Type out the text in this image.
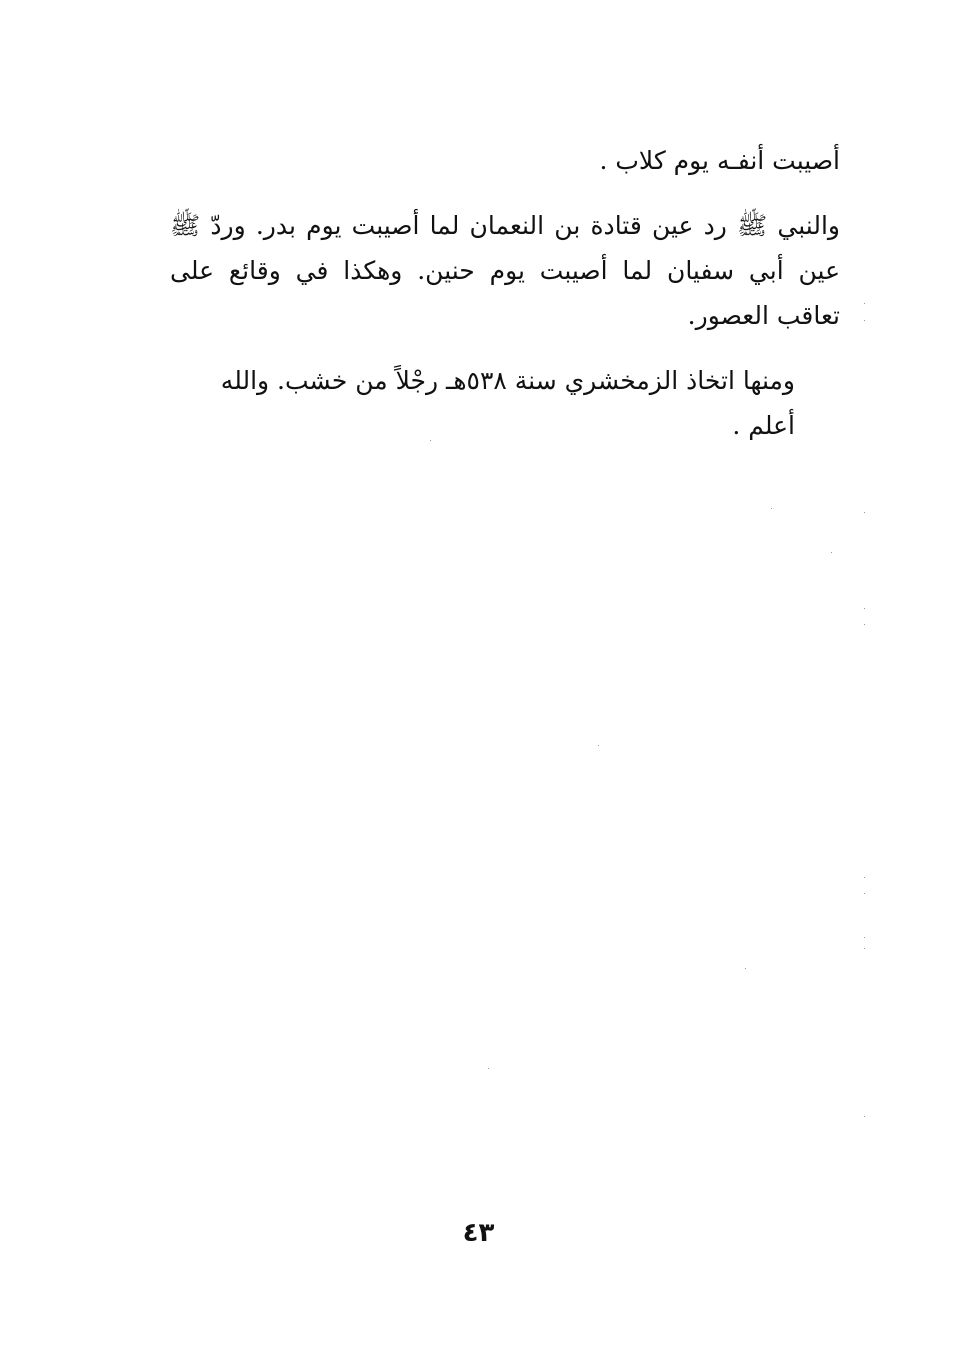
أصيبت أنفـه يوم كلاب .

والنبي ﷺ رد عين قتادة بن النعمان لما أصيبت يوم بدر. وردّ ﷺ عين أبي سفيان لما أصيبت يوم حنين. وهكذا في وقائع على تعاقب العصور.

ومنها اتخاذ الزمخشري سنة ٥٣٨هـ رجْلاً من خشب. والله أعلم .

٤٣
